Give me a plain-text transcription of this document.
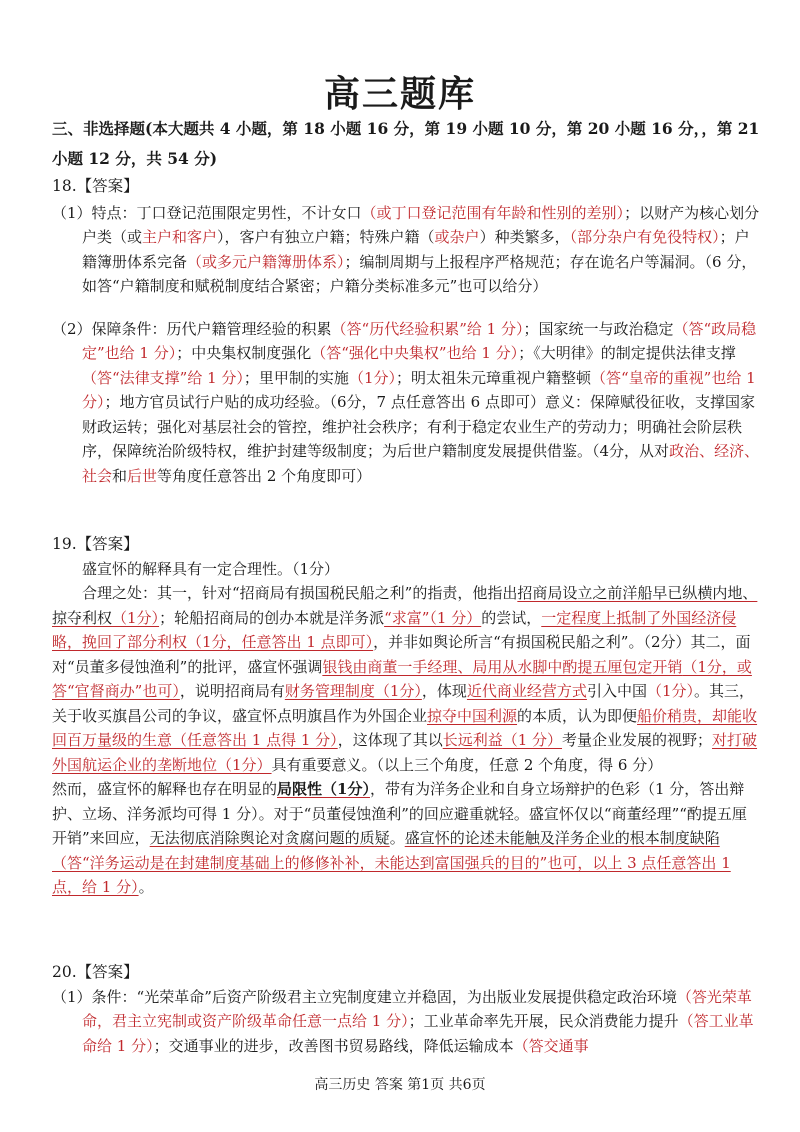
高三题库
三、非选择题(本大题共 4 小题，第 18 小题 16 分，第 19 小题 10 分，第 20 小题 16 分，，第 21 小题 12 分，共 54 分)
18.【答案】
（1）特点：丁口登记范围限定男性，不计女口（或丁口登记范围有年龄和性别的差别）；以财产为核心划分户类（或主户和客户），客户有独立户籍；特殊户籍（或杂户）种类繁多，（部分杂户有免役特权）；户籍簿册体系完备（或多元户籍簿册体系）；编制周期与上报程序严格规范；存在诡名户等漏洞。（6 分，如答“户籍制度和赋税制度结合紧密；户籍分类标准多元”也可以给分）
（2）保障条件：历代户籍管理经验的积累（答“历代经验积累”给 1 分）；国家统一与政治稳定（答“政局稳定”也给 1 分）；中央集权制度强化（答“强化中央集权”也给 1 分）；《大明律》的制定提供法律支撑（答“法律支撑”给 1 分）；里甲制的实施（1分）；明太祖朱元璋重视户籍整顿（答“皇帝的重视”也给 1 分）；地方官员试行户贴的成功经验。（6分，7 点任意答出 6 点即可）意义：保障赋役征收，支撑国家财政运转；强化对基层社会的管控，维护社会秩序；有利于稳定农业生产的劳动力；明确社会阶层秩序，保障统治阶级特权，维护封建等级制度；为后世户籍制度发展提供借鉴。（4分，从对政治、经济、社会和后世等角度任意答出 2 个角度即可）
19.【答案】
盛宣怀的解释具有一定合理性。（1分）
合理之处：其一，针对“招商局有损国税民船之利”的指责，他指出招商局设立之前洋船早已纵横内地、掠夺利权（1分）；轮船招商局的创办本就是洋务派“求富”（1 分）的尝试，一定程度上抵制了外国经济侵略，挽回了部分利权（1分，任意答出 1 点即可），并非如舆论所言“有损国税民船之利”。（2分）其二，面对“员董多侵蚀渔利”的批评，盛宣怀强调银钱由商董一手经理、局用从水脚中酌提五厘包定开销（1分，或答“官督商办”也可），说明招商局有财务管理制度（1分），体现近代商业经营方式引入中国（1分）。其三，关于收买旗昌公司的争议，盛宣怀点明旗昌作为外国企业掠夺中国利源的本质，认为即便船价稍贵，却能收回百万量级的生意（任意答出 1 点得 1 分），这体现了其以长远利益（1 分）考量企业发展的视野；对打破外国航运企业的垄断地位（1分）具有重要意义。（以上三个角度，任意 2 个角度，得 6 分）
然而，盛宣怀的解释也存在明显的局限性（1分），带有为洋务企业和自身立场辩护的色彩（1 分，答出辩护、立场、洋务派均可得 1 分）。对于“员董侵蚀渔利”的回应避重就轻。盛宣怀仅以“商董经理”“酌提五厘开销”来回应，无法彻底消除舆论对贪腐问题的质疑。盛宣怀的论述未能触及洋务企业的根本制度缺陷（答“洋务运动是在封建制度基础上的修修补补，未能达到富国强兵的目的”也可，以上 3 点任意答出 1 点，给 1 分）。
20.【答案】
（1）条件：“光荣革命”后资产阶级君主立宪制度建立并稳固，为出版业发展提供稳定政治环境（答光荣革命，君主立宪制或资产阶级革命任意一点给 1 分）；工业革命率先开展，民众消费能力提升（答工业革命给 1 分）；交通事业的进步，改善图书贸易路线，降低运输成本（答交通事
高三历史 答案 第1页 共6页
